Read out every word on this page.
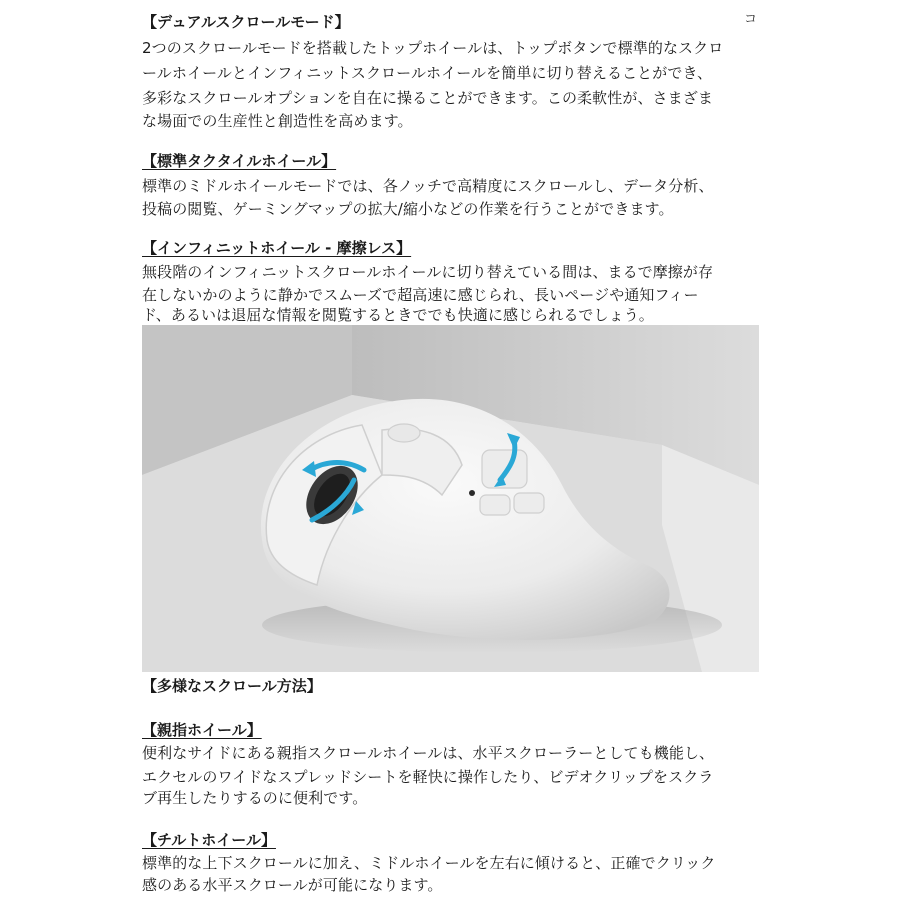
コ
【デュアルスクロールモード】
2つのスクロールモードを搭載したトップホイールは、トップボタンで標準的なスクロ
ールホイールとインフィニットスクロールホイールを簡単に切り替えることができ、
多彩なスクロールオプションを自在に操ることができます。この柔軟性が、さまざま
な場面での生産性と創造性を高めます。
【標準タクタイルホイール】
標準のミドルホイールモードでは、各ノッチで高精度にスクロールし、データ分析、
投稿の閲覧、ゲーミングマップの拡大/縮小などの作業を行うことができます。
【インフィニットホイール - 摩擦レス】
無段階のインフィニットスクロールホイールに切り替えている間は、まるで摩擦が存
在しないかのように静かでスムーズで超高速に感じられ、長いページや通知フィー
ド、あるいは退屈な情報を閲覧するときででも快適に感じられるでしょう。
【多様なスクロール方法】
【親指ホイール】
便利なサイドにある親指スクロールホイールは、水平スクローラーとしても機能し、
エクセルのワイドなスプレッドシートを軽快に操作したり、ビデオクリップをスクラ
ブ再生したりするのに便利です。
【チルトホイール】
標準的な上下スクロールに加え、ミドルホイールを左右に傾けると、正確でクリック
感のある水平スクロールが可能になります。
